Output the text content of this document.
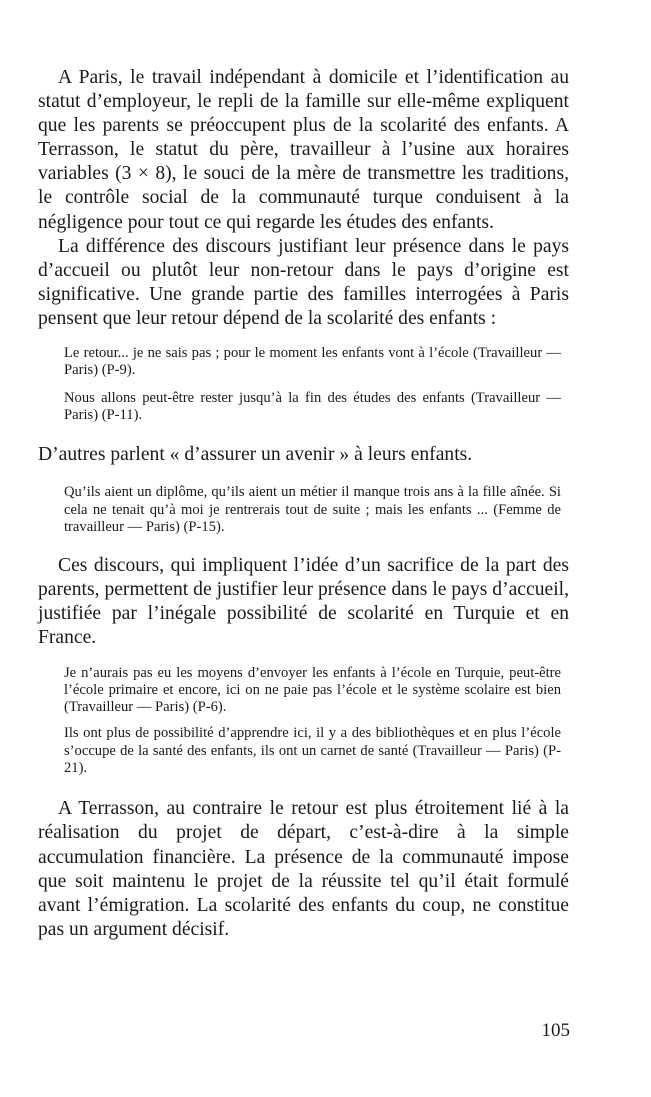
A Paris, le travail indépendant à domicile et l’identification au statut d’employeur, le repli de la famille sur elle-même expliquent que les parents se préoccupent plus de la scolarité des enfants. A Terrasson, le statut du père, travailleur à l’usine aux horaires variables (3 × 8), le souci de la mère de transmettre les traditions, le contrôle social de la communauté turque conduisent à la négligence pour tout ce qui regarde les études des enfants.

La différence des discours justifiant leur présence dans le pays d’accueil ou plutôt leur non-retour dans le pays d’origine est significative. Une grande partie des familles interrogées à Paris pensent que leur retour dépend de la scolarité des enfants :

Le retour... je ne sais pas ; pour le moment les enfants vont à l’école (Travailleur — Paris) (P-9).

Nous allons peut-être rester jusqu’à la fin des études des enfants (Travailleur — Paris) (P-11).

D’autres parlent « d’assurer un avenir » à leurs enfants.

Qu’ils aient un diplôme, qu’ils aient un métier il manque trois ans à la fille aînée. Si cela ne tenait qu’à moi je rentrerais tout de suite ; mais les enfants ... (Femme de travailleur — Paris) (P-15).

Ces discours, qui impliquent l’idée d’un sacrifice de la part des parents, permettent de justifier leur présence dans le pays d’accueil, justifiée par l’inégale possibilité de scolarité en Turquie et en France.

Je n’aurais pas eu les moyens d’envoyer les enfants à l’école en Turquie, peut-être l’école primaire et encore, ici on ne paie pas l’école et le système scolaire est bien (Travailleur — Paris) (P-6).

Ils ont plus de possibilité d’apprendre ici, il y a des bibliothèques et en plus l’école s’occupe de la santé des enfants, ils ont un carnet de santé (Travailleur — Paris) (P-21).

A Terrasson, au contraire le retour est plus étroitement lié à la réalisation du projet de départ, c’est-à-dire à la simple accumulation financière. La présence de la communauté impose que soit maintenu le projet de la réussite tel qu’il était formulé avant l’émigration. La scolarité des enfants du coup, ne constitue pas un argument décisif.

105
